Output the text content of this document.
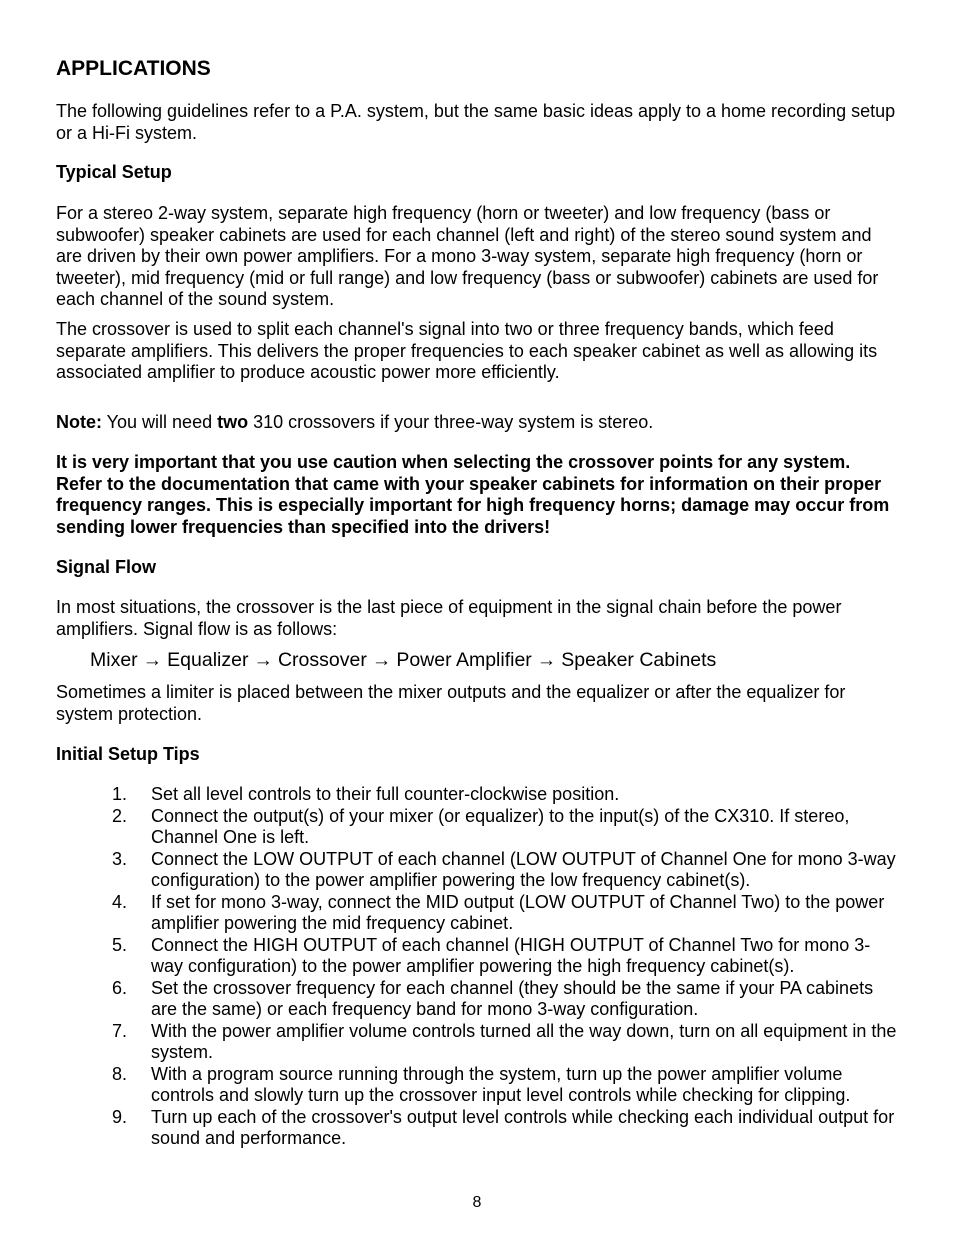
APPLICATIONS

The following guidelines refer to a P.A. system, but the same basic ideas apply to a home recording setup or a Hi-Fi system.

Typical Setup

For a stereo 2-way system, separate high frequency (horn or tweeter) and low frequency (bass or subwoofer) speaker cabinets are used for each channel (left and right) of the stereo sound system and are driven by their own power amplifiers. For a mono 3-way system, separate high frequency (horn or tweeter), mid frequency (mid or full range) and low frequency (bass or subwoofer) cabinets are used for each channel of the sound system.

The crossover is used to split each channel's signal into two or three frequency bands, which feed separate amplifiers. This delivers the proper frequencies to each speaker cabinet as well as allowing its associated amplifier to produce acoustic power more efficiently.

Note: You will need two 310 crossovers if your three-way system is stereo.

It is very important that you use caution when selecting the crossover points for any system. Refer to the documentation that came with your speaker cabinets for information on their proper frequency ranges. This is especially important for high frequency horns; damage may occur from sending lower frequencies than specified into the drivers!

Signal Flow

In most situations, the crossover is the last piece of equipment in the signal chain before the power amplifiers. Signal flow is as follows:

Mixer → Equalizer → Crossover → Power Amplifier → Speaker Cabinets

Sometimes a limiter is placed between the mixer outputs and the equalizer or after the equalizer for system protection.

Initial Setup Tips
1. Set all level controls to their full counter-clockwise position.
2. Connect the output(s) of your mixer (or equalizer) to the input(s) of the CX310. If stereo, Channel One is left.
3. Connect the LOW OUTPUT of each channel (LOW OUTPUT of Channel One for mono 3-way configuration) to the power amplifier powering the low frequency cabinet(s).
4. If set for mono 3-way, connect the MID output (LOW OUTPUT of Channel Two) to the power amplifier powering the mid frequency cabinet.
5. Connect the HIGH OUTPUT of each channel (HIGH OUTPUT of Channel Two for mono 3-way configuration) to the power amplifier powering the high frequency cabinet(s).
6. Set the crossover frequency for each channel (they should be the same if your PA cabinets are the same) or each frequency band for mono 3-way configuration.
7. With the power amplifier volume controls turned all the way down, turn on all equipment in the system.
8. With a program source running through the system, turn up the power amplifier volume controls and slowly turn up the crossover input level controls while checking for clipping.
9. Turn up each of the crossover's output level controls while checking each individual output for sound and performance.
8
